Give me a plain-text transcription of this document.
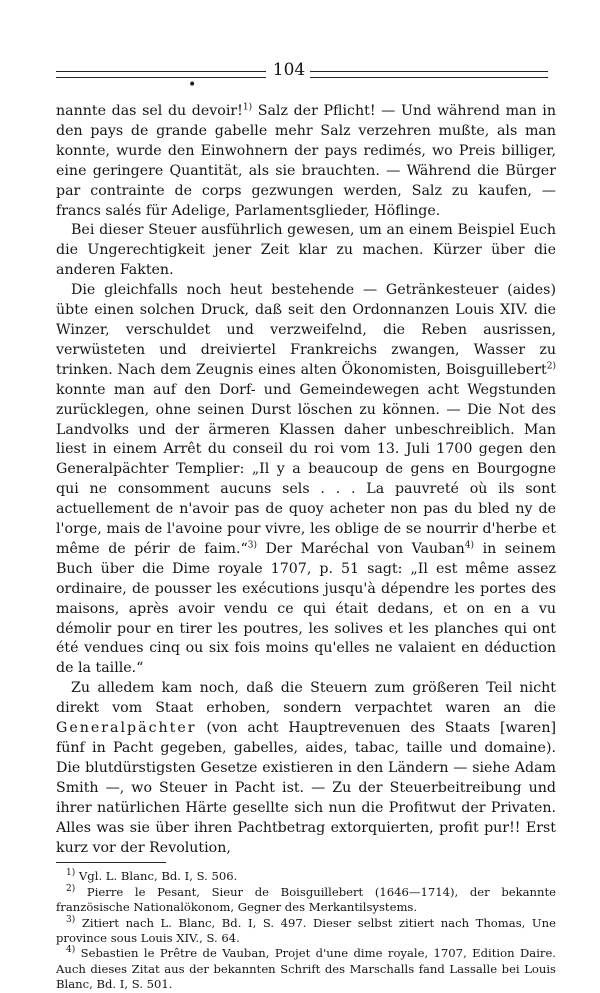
104
•

nannte das sel du devoir!$^{1)}$ Salz der Pflicht! — Und während man in den pays de grande gabelle mehr Salz verzehren mußte, als man konnte, wurde den Einwohnern der pays redimés, wo Preis billiger, eine geringere Quantität, als sie brauchten. — Während die Bürger par contrainte de corps gezwungen werden, Salz zu kaufen, — francs salés für Adelige, Parlamentsglieder, Höflinge.

Bei dieser Steuer ausführlich gewesen, um an einem Beispiel Euch die Ungerechtigkeit jener Zeit klar zu machen. Kürzer über die anderen Fakten.

Die gleichfalls noch heut bestehende — Getränkesteuer (aides) übte einen solchen Druck, daß seit den Ordonnanzen Louis XIV. die Winzer, verschuldet und verzweifelnd, die Reben ausrissen, verwüsteten und dreiviertel Frankreichs zwangen, Wasser zu trinken. Nach dem Zeugnis eines alten Ökonomisten, Boisguillebert$^{2)}$ konnte man auf den Dorf- und Gemeindewegen acht Wegstunden zurücklegen, ohne seinen Durst löschen zu können. — Die Not des Landvolks und der ärmeren Klassen daher unbeschreiblich. Man liest in einem Arrêt du conseil du roi vom 13. Juli 1700 gegen den Generalpächter Templier: „Il y a beaucoup de gens en Bourgogne qui ne consomment aucuns sels . . . La pauvreté où ils sont actuellement de n'avoir pas de quoy acheter non pas du bled ny de l'orge, mais de l'avoine pour vivre, les oblige de se nourrir d'herbe et même de périr de faim.“$^{3)}$ Der Maréchal von Vauban$^{4)}$ in seinem Buch über die Dime royale 1707, p. 51 sagt: „Il est même assez ordinaire, de pousser les exécutions jusqu'à dépendre les portes des maisons, après avoir vendu ce qui était dedans, et on en a vu démolir pour en tirer les poutres, les solives et les planches qui ont été vendues cinq ou six fois moins qu'elles ne valaient en déduction de la taille.“

Zu alledem kam noch, daß die Steuern zum größeren Teil nicht direkt vom Staat erhoben, sondern verpachtet waren an die Generalpächter (von acht Hauptrevenuen des Staats [waren] fünf in Pacht gegeben, gabelles, aides, tabac, taille und domaine). Die blutdürstigsten Gesetze existieren in den Ländern — siehe Adam Smith —, wo Steuer in Pacht ist. — Zu der Steuerbeitreibung und ihrer natürlichen Härte gesellte sich nun die Profitwut der Privaten. Alles was sie über ihren Pachtbetrag extorquierten, profit pur!! Erst kurz vor der Revolution,

$^{1)}$ Vgl. L. Blanc, Bd. I, S. 506.

$^{2)}$ Pierre le Pesant, Sieur de Boisguillebert (1646—1714), der bekannte französische Nationalökonom, Gegner des Merkantilsystems.

$^{3)}$ Zitiert nach L. Blanc, Bd. I, S. 497. Dieser selbst zitiert nach Thomas, Une province sous Louis XIV., S. 64.

$^{4)}$ Sebastien le Prêtre de Vauban, Projet d'une dime royale, 1707, Edition Daire. Auch dieses Zitat aus der bekannten Schrift des Marschalls fand Lassalle bei Louis Blanc, Bd. I, S. 501.
